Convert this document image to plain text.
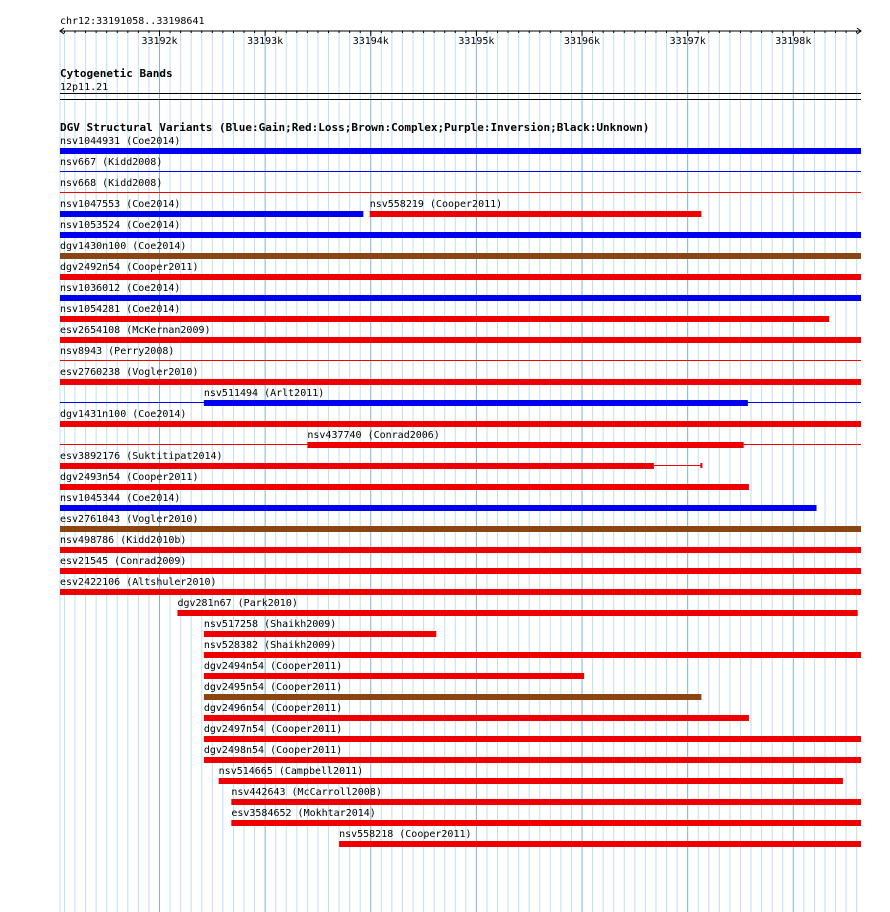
chr12:33191058..33198641
33192k	33193k	33194k	33195k	33196k	33197k	33198k
Cytogenetic Bands
12p11.21
DGV Structural Variants (Blue:Gain;Red:Loss;Brown:Complex;Purple:Inversion;Black:Unknown)
nsv1044931 (Coe2014)
nsv667 (Kidd2008)
nsv668 (Kidd2008)
nsv1047553 (Coe2014)	nsv558219 (Cooper2011)
nsv1053524 (Coe2014)
dgv1430n100 (Coe2014)
dgv2492n54 (Cooper2011)
nsv1036012 (Coe2014)
nsv1054281 (Coe2014)
esv2654108 (McKernan2009)
nsv8943 (Perry2008)
esv2760238 (Vogler2010)
nsv511494 (Arlt2011)
dgv1431n100 (Coe2014)
nsv437740 (Conrad2006)
esv3892176 (Suktitipat2014)
dgv2493n54 (Cooper2011)
nsv1045344 (Coe2014)
esv2761043 (Vogler2010)
nsv498786 (Kidd2010b)
esv21545 (Conrad2009)
esv2422106 (Altshuler2010)
dgv281n67 (Park2010)
nsv517258 (Shaikh2009)
nsv528382 (Shaikh2009)
dgv2494n54 (Cooper2011)
dgv2495n54 (Cooper2011)
dgv2496n54 (Cooper2011)
dgv2497n54 (Cooper2011)
dgv2498n54 (Cooper2011)
nsv514665 (Campbell2011)
nsv442643 (McCarroll2008)
esv3584652 (Mokhtar2014)
nsv558218 (Cooper2011)
